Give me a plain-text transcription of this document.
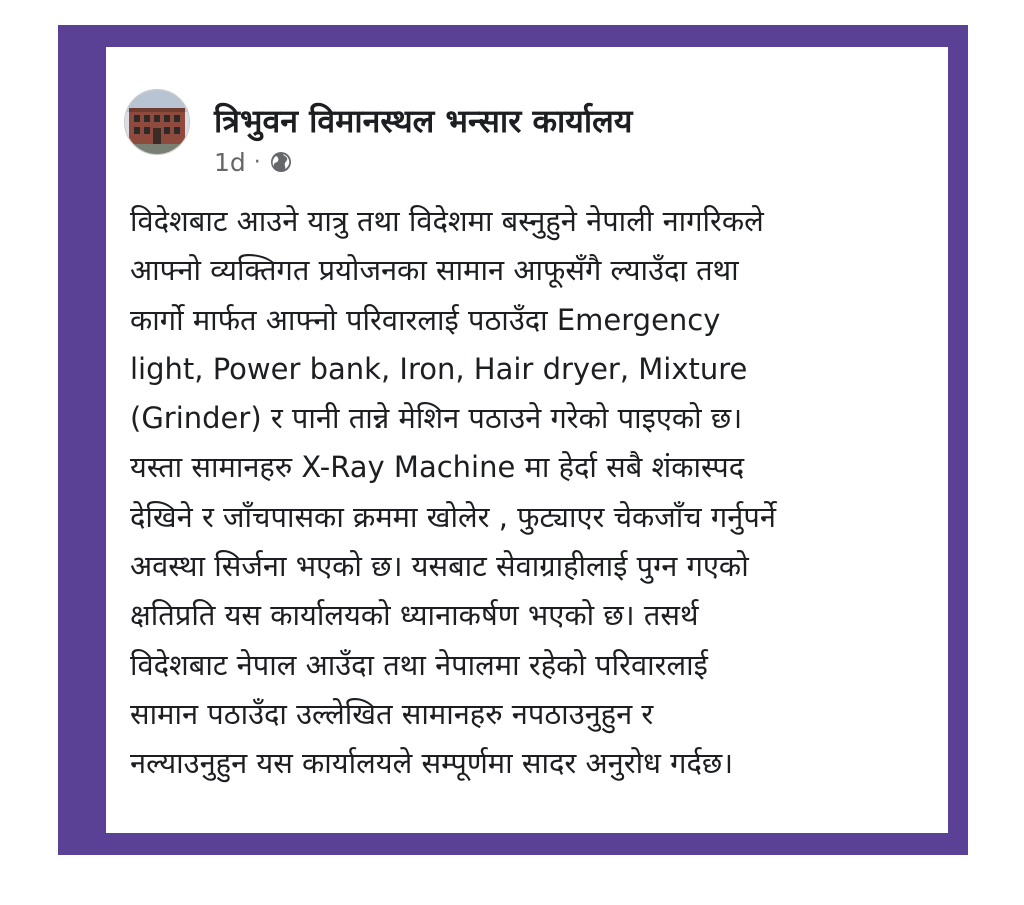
त्रिभुवन विमानस्थल भन्सार कार्यालय
1d ·
विदेशबाट आउने यात्रु तथा विदेशमा बस्नुहुने नेपाली नागरिकले
आफ्नो व्यक्तिगत प्रयोजनका सामान आफूसँगै ल्याउँदा तथा
कार्गो मार्फत आफ्नो परिवारलाई पठाउँदा Emergency
light, Power bank, Iron, Hair dryer, Mixture
(Grinder) र पानी तान्ने मेशिन पठाउने गरेको पाइएको छ।
यस्ता सामानहरु X-Ray Machine मा हेर्दा सबै शंकास्पद
देखिने र जाँचपासका क्रममा खोलेर , फुट्याएर चेकजाँच गर्नुपर्ने
अवस्था सिर्जना भएको छ। यसबाट सेवाग्राहीलाई पुग्न गएको
क्षतिप्रति यस कार्यालयको ध्यानाकर्षण भएको छ। तसर्थ
विदेशबाट नेपाल आउँदा तथा नेपालमा रहेको परिवारलाई
सामान पठाउँदा उल्लेखित सामानहरु नपठाउनुहुन र
नल्याउनुहुन यस कार्यालयले सम्पूर्णमा सादर अनुरोध गर्दछ।
